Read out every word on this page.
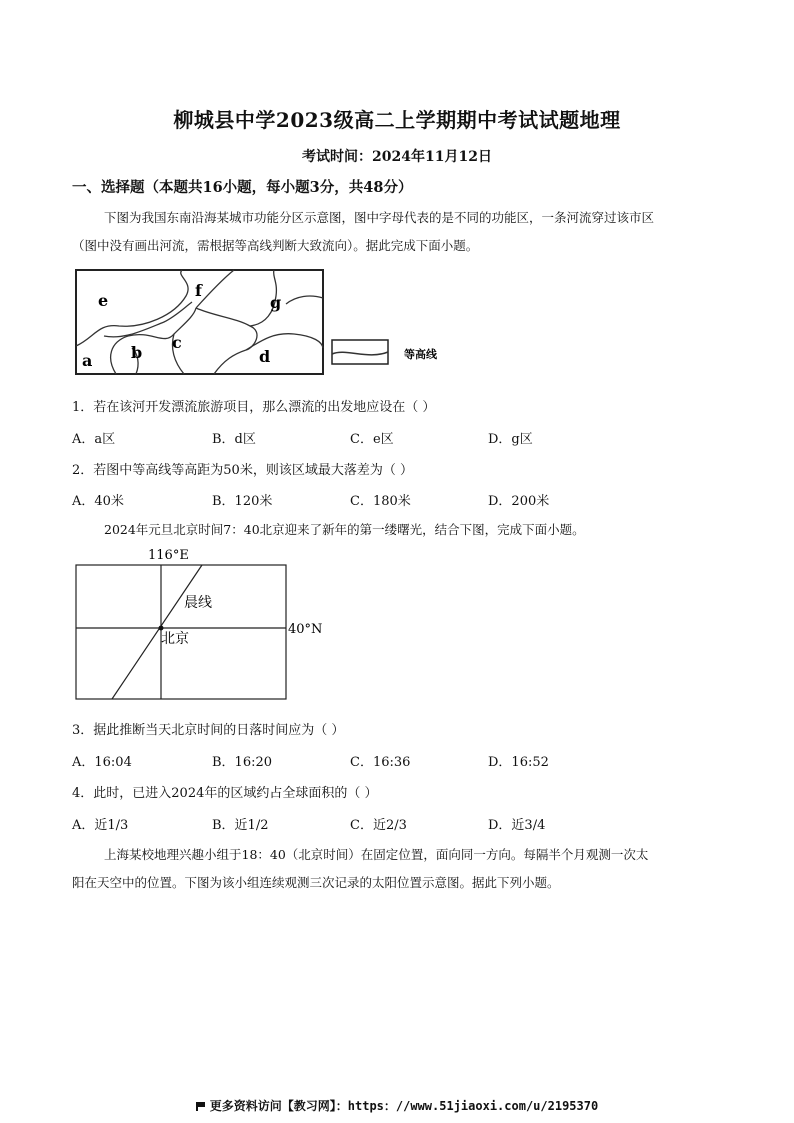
柳城县中学2023级高二上学期期中考试试题地理
考试时间：2024年11月12日
一、选择题（本题共16小题，每小题3分，共48分）
下图为我国东南沿海某城市功能分区示意图，图中字母代表的是不同的功能区，一条河流穿过该市区
（图中没有画出河流，需根据等高线判断大致流向）。据此完成下面小题。
e
f
g
c
b	d
a	等高线
1．若在该河开发漂流旅游项目，那么漂流的出发地应设在（ ）
A．a区	B．d区	C．e区	D．g区
2．若图中等高线等高距为50米，则该区域最大落差为（ ）
A．40米	B．120米	C．180米	D．200米
2024年元旦北京时间7：40北京迎来了新年的第一缕曙光，结合下图，完成下面小题。
116°E
晨线
北京
40°N
3．据此推断当天北京时间的日落时间应为（ ）
A．16:04	B．16:20	C．16:36	D．16:52
4．此时，已进入2024年的区域约占全球面积的（ ）
A．近1/3	B．近1/2	C．近2/3	D．近3/4
上海某校地理兴趣小组于18：40（北京时间）在固定位置，面向同一方向。每隔半个月观测一次太
阳在天空中的位置。下图为该小组连续观测三次记录的太阳位置示意图。据此下列小题。
更多资料访问【教习网】：https：//www.51jiaoxi.com/u/2195370
